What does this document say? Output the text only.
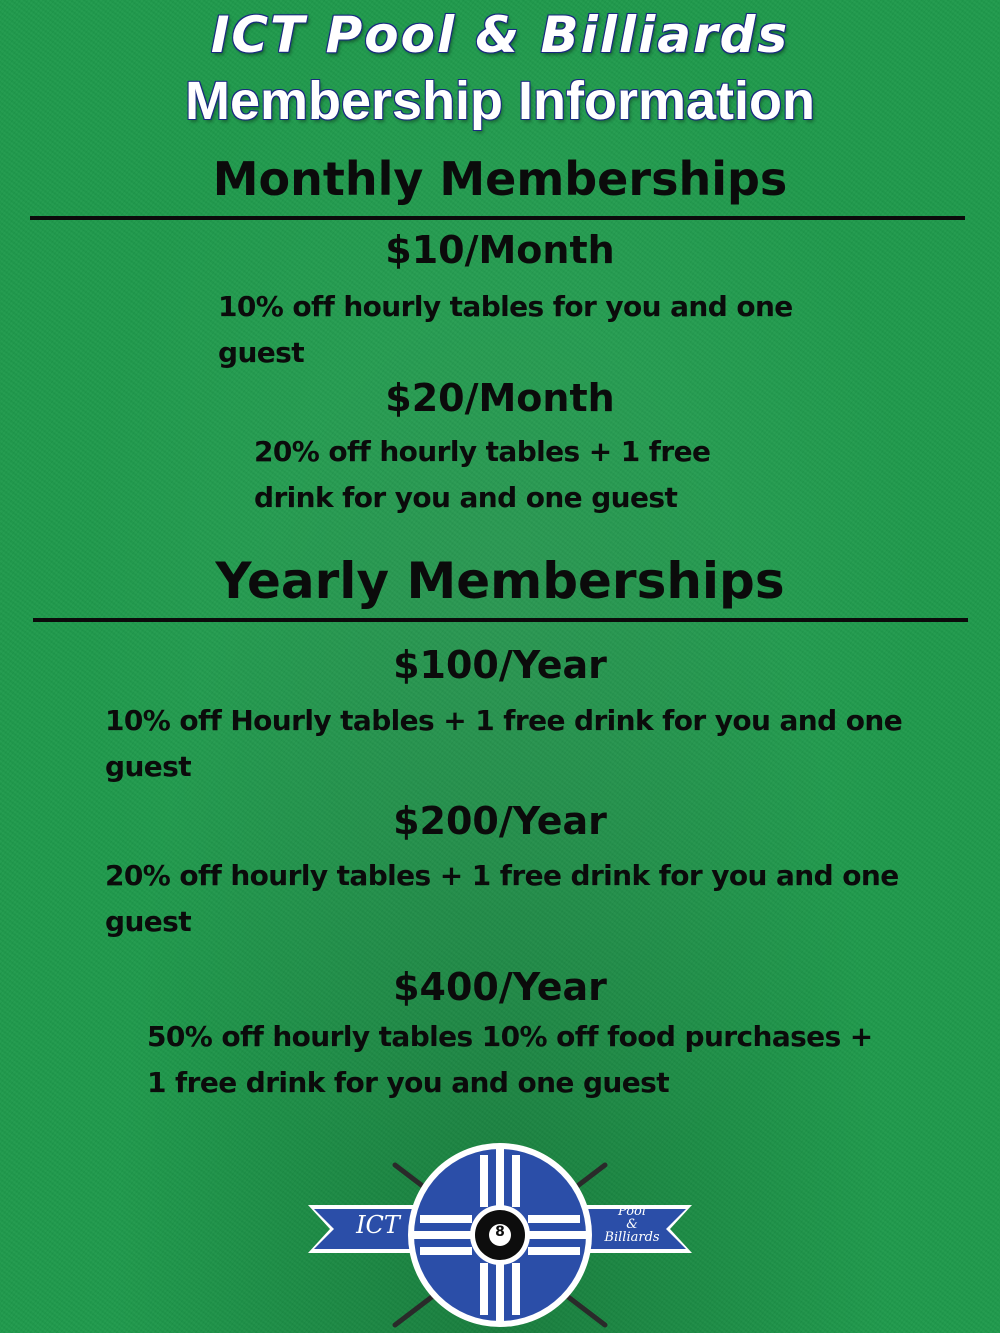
ICT Pool & Billiards
Membership Information
Monthly Memberships
$10/Month
10% off hourly tables for you and one guest
$20/Month
20% off hourly tables + 1 free drink for you and one guest
Yearly Memberships
$100/Year
10% off Hourly tables + 1 free drink for you and one guest
$200/Year
20% off hourly tables + 1 free drink for you and one guest
$400/Year
50% off hourly tables 10% off food purchases + 1 free drink for you and one guest
ICT	8
Pool
&
Billiards
